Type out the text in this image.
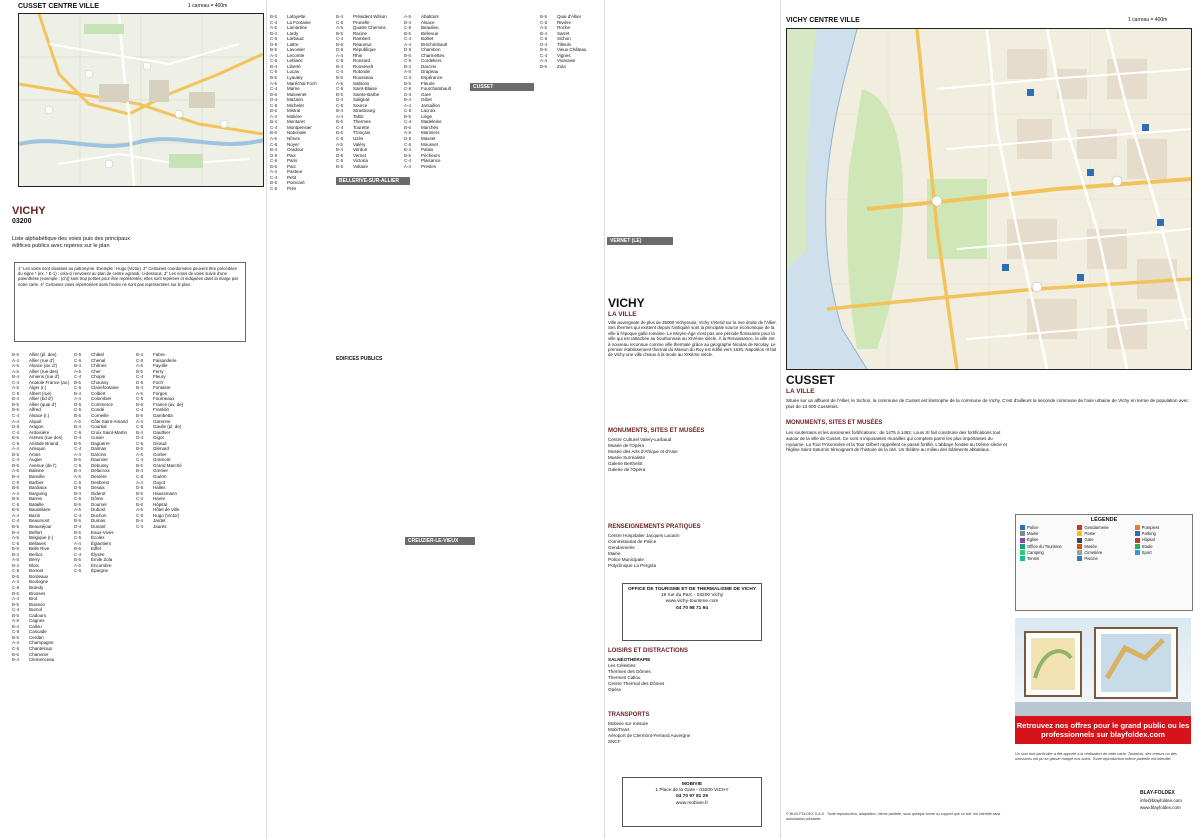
CUSSET CENTRE VILLE	1 carreau = 400m
VICHY
03200
Liste alphabétique des voies puis des principaux édifices publics avec repères sur le plan
1° Les voies sont classées au patronyme. Exemple : Hugo (Victor). 2° Certaines coordonnées peuvent être précédées du signe * (ex. * E-1) : cela-ci renvoient au plan de centre agrandi, ci-dessous. 3° Les noms de voies suivis d'une parenthèse (exemple : (ch)) sont trop petites pour être représentés, elles sont repérées et indiquées dans la marge par notre carte. 4° Certaines voies répertoriées dans l'index ne sont pas représentées sur le plan.
BELLERIVE-SUR-ALLIER
CUSSET
CREUZIER-LE-VIEUX
VERNET (LE)
EDIFICES PUBLICS
B-5	Allier (pl. des)
A-4	Allier (rue d')
A-5	Alsace (av. d')
A-5	Allier (rue des)
B-4	Amiens (rue d')
C-4	Anatole France (av.)
A-5	Alger (r.)
C-5	Albert (rue)
B-4	Allier (bd d')
B-5	Allier (quai d')
B-5	Alfred
C-4	Alsace (r.)
A-4	Alquié
D-5	Aragon
C-4	Ardoisière
B-5	Arénes (rue des)
C-6	Aristide Briand
A-4	Arlequin
B-5	Artois
C-4	Augier
B-5	Avenue (de l')
A-6	Baleine
B-4	Banville
C-5	Barbier
B-6	Bardiaux
A-4	Bargoing
B-5	Barres
C-5	Bataille
B-5	Baudelaire
A-4	Bazin
C-4	Beaumont
B-5	Beauséjour
B-4	Belfort
A-5	Belgique (r.)
C-5	Bellaves
B-5	Belle Rive
B-4	Berlioz
A-5	Berry
B-4	Blois
C-5	Bonnet
B-5	Bordeaux
A-4	Boulogne
C-6	Brandy
B-5	Brosses
A-4	Brot
B-5	Buisson
C-4	Burnol
B-5	Cadours
A-5	Cagnes
B-4	Callou
C-5	Cascade
B-5	Cerdan
A-4	Champagne
C-5	Chanteloup
B-6	Chanvrier
B-4	Clemenceau
D-5	Châtel
C-6	Chenal
B-4	Chênes
A-5	Cher
C-4	Chopin
B-5	Choussy
C-5	Clairefontaine
B-4	Colbert
A-4	Colombier
D-5	Commerce
C-5	Condé
B-5	Corneille
A-5	Côte Saint-Amand
B-4	Courtial
C-6	Croix Saint-Martin
D-4	Cuvier
B-5	Daguerre
C-4	Dalmas
A-4	Darcins
B-6	Daumier
C-5	Debussy
B-4	Delacroix
A-5	Denière
C-5	Desbrest
D-5	Desaix
B-4	Diderot
C-6	Dôme
B-5	Doumer
A-5	Dubost
C-4	Duchon
B-5	Dumas
D-4	Dunant
B-5	Eaux-Vives
C-5	Écoles
A-4	Églantiers
B-6	Eiffel
C-4	Élysée
B-5	Émile Zola
A-5	Encombre
C-5	Épargne
B-4	Fabre
C-5	Faisanderie
A-5	Fayolle
B-5	Ferry
C-4	Fleury
D-5	Foch
B-4	Fontaine
A-5	Forges
C-5	Fourneaux
B-6	France (av. de)
C-4	Franklin
B-5	Gambetta
A-4	Garenne
C-5	Gaulle (pl. de)
B-4	Gauthier
D-4	Gigot
C-6	Giraud
B-5	Glénard
A-5	Gorlier
C-4	Gramont
B-5	Grand Marché
B-4	Grenier
C-5	Guérin
A-4	Guyot
D-5	Halles
B-5	Haussmann
C-4	Havre
B-6	Hôpital
A-5	Hôtel de Ville
C-5	Hugo (Victor)
B-4	Jardet
C-4	Jaurès
B-5	Lafayette
C-4	La Fontaine
A-5	Lamartine
B-4	Lardy
C-5	Larbaud
D-5	Lattre
B-5	Lavoisier
A-4	Lecomte
C-6	Leblanc
B-4	Liberté
C-5	Lucas
B-5	Lyautey
A-5	Maréchal Foch
C-4	Marne
B-6	Massenet
D-4	Mazarin
C-5	Michelet
B-5	Mistral
A-4	Molière
B-4	Montaret
C-4	Montpensier
B-5	Nationale
A-5	Nîmes
C-5	Noyer
B-4	Oradour
D-5	Paix
C-6	Paris
B-5	Parc
A-4	Pasteur
C-4	Petit
B-5	Poincaré
C-5	Prés
B-4	Président Wilson
C-5	Prunelle
A-5	Quatre Chemins
B-5	Racine
C-4	Rambert
B-6	Réaumur
D-5	République
A-4	Rhin
C-5	Ronsard
B-4	Roosevelt
C-4	Rotonde
B-5	Rousseau
A-5	Sablons
C-6	Saint-Blaise
B-5	Sainte-Barbe
D-4	Salignat
C-5	Source
B-4	Strasbourg
A-4	Tahiti
B-5	Thermes
C-4	Tourette
B-6	Tronçais
C-5	Uzès
A-5	Valéry
B-4	Verdun
D-5	Vernet
C-5	Victoria
B-5	Voltaire
A-5	Abattoirs
B-4	Alsace
C-5	Beaulieu
B-5	Bellevue
C-4	Bolliet
A-4	Bréchimbault
D-5	Chambon
B-6	Charmettes
C-5	Cordeliers
B-4	Darcins
A-5	Drapeau
C-4	Espérance
B-5	Fleurie
C-6	Fourchambault
D-4	Gare
B-4	Gibet
A-4	Jarsaillon
C-5	Lacroix
B-5	Liège
C-4	Madeleine
B-6	Marchés
A-5	Mariniers
D-5	Masset
C-5	Mousset
B-4	Palais
B-5	Pécheurs
C-4	Plaisance
A-4	Presles
B-5	Quai d'Allier
C-5	Rivière
A-5	Roche
B-4	Sarret
C-6	Sichon
D-4	Tilleuls
B-5	Vieux Château
C-4	Vignes
A-4	Vivaraise
B-6	Zola
VICHY
LA VILLE
Ville auvergnate de plus de 25000 Vichyssois, Vichy s'étend sur la rive droite de l'Allier. Ses thermes qui existent depuis l'antiquité sont la principale source économique de la ville à l'époque gallo-romaine. Le Moyen-Âge n'est pas une période florissante pour la ville qui est rattachée au bourbonnais au XIVème siècle. À la Renaissance, la ville est à nouveau reconnue comme ville thermale grâce au géographe Nicolas de Nicolay. Le premier établissement thermal du Maison du Roy est édifié vers 1630. Napoléon III fait de Vichy une ville d'eaux à la mode au XIXème siècle.
MONUMENTS, SITES ET MUSÉES
Centre Culturel Valery-Larbaud
Musée de l'Opéra
Musée des Arts d'Afrique et d'Asie
Musée Surréaliste
Galerie Berthelot
Galerie de l'Opéra
RENSEIGNEMENTS PRATIQUES
Centre Hospitalier Jacques Lacarin
Commissariat de Police
Gendarmerie
Mairie
Police Municipale
Polyclinique La Pergola
OFFICE DE TOURISME ET DE THERMALISME DE VICHY
19 rue du Parc - 03200 Vichy
www.vichy-tourisme.com
04 70 98 71 94
LOISIRS ET DISTRACTIONS
SALNÉOTHÉRAPIE
Les Célestins
Thermes des Dômes
Thermes Callou
Centre Thermal des Dômes
Opéra
TRANSPORTS
Mobivie sur mesure
MobiTrans
Aéroport de Clermont-Ferrand Auvergne
SNCF
MOBIVIE
1 Place de la Gare - 03200 VICHY
04 70 97 81 29
www.mobivie.fr
VICHY CENTRE VILLE	1 carreau = 400m
CUSSET
LA VILLE
Située sur un affluent de l'Allier, le Sichon, la commune de Cusset est limitrophe de la commune de Vichy. C'est d'ailleurs la seconde commune de l'aire urbaine de Vichy en terme de population avec plus de 13 000 Cussetois.
MONUMENTS, SITES ET MUSÉES
Les souterrains et les anciennes fortifications : de 1475 à 1482, Louis XI fait construire des fortifications tout autour de la ville de Cusset. Ce sont 4 imposantes murailles qui comptent parmi les plus importantes du royaume. La Tour Prisonnière et la Tour Gilbert rappellent ce passé fortifié. L'abbaye fondée au IXème siècle et l'église Saint-Saturnin témoignent de l'histoire de la cité. Un théâtre au milieu des bâtiments abbatiaux.
LÉGENDE
Police	Gendarmerie	Pompiers
Mairie	Poste	Parking
Église	Gare	Hôpital
Office du Tourisme	Musée	Stade
Camping	Cimetière	Sport
Tennis	Piscine
Retrouvez nos offres pour le grand public ou les professionnels sur blayfoldex.com
Un soin tout particulier a été apporté à la réalisation de cette carte. Toutefois, des erreurs ou des omissions ont pu se glisser malgré nos soins. Toute reproduction même partielle est interdite.
BLAY-FOLDEX
info@blayfoldex.com
www.blayfoldex.com
© BLAY-FOLDEX S.A.S - Toute reproduction, adaptation, même partielle, sous quelque forme ou support que ce soit, est interdite sans autorisation préalable.
